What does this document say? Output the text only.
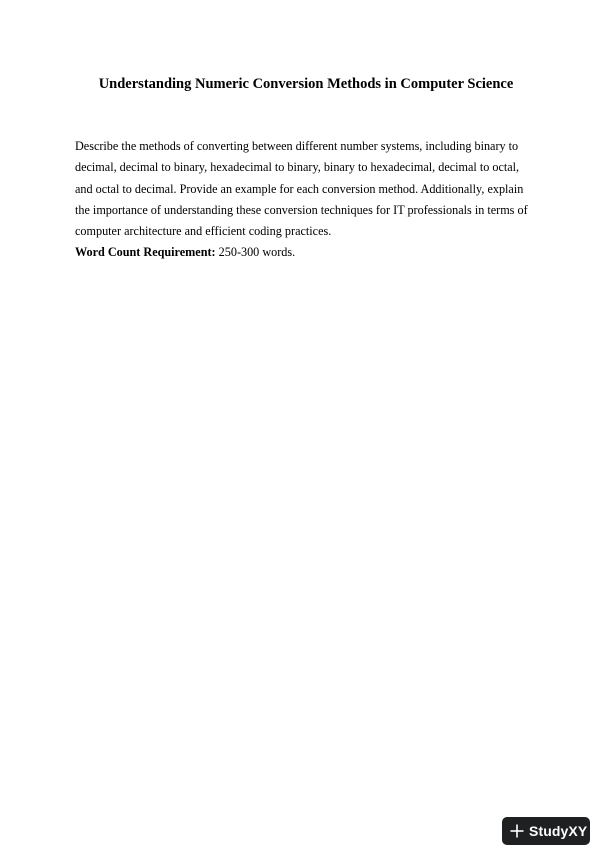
Understanding Numeric Conversion Methods in Computer Science
Describe the methods of converting between different number systems, including binary to
decimal, decimal to binary, hexadecimal to binary, binary to hexadecimal, decimal to octal,
and octal to decimal. Provide an example for each conversion method. Additionally, explain
the importance of understanding these conversion techniques for IT professionals in terms of
computer architecture and efficient coding practices.
Word Count Requirement: 250-300 words.
StudyXY
